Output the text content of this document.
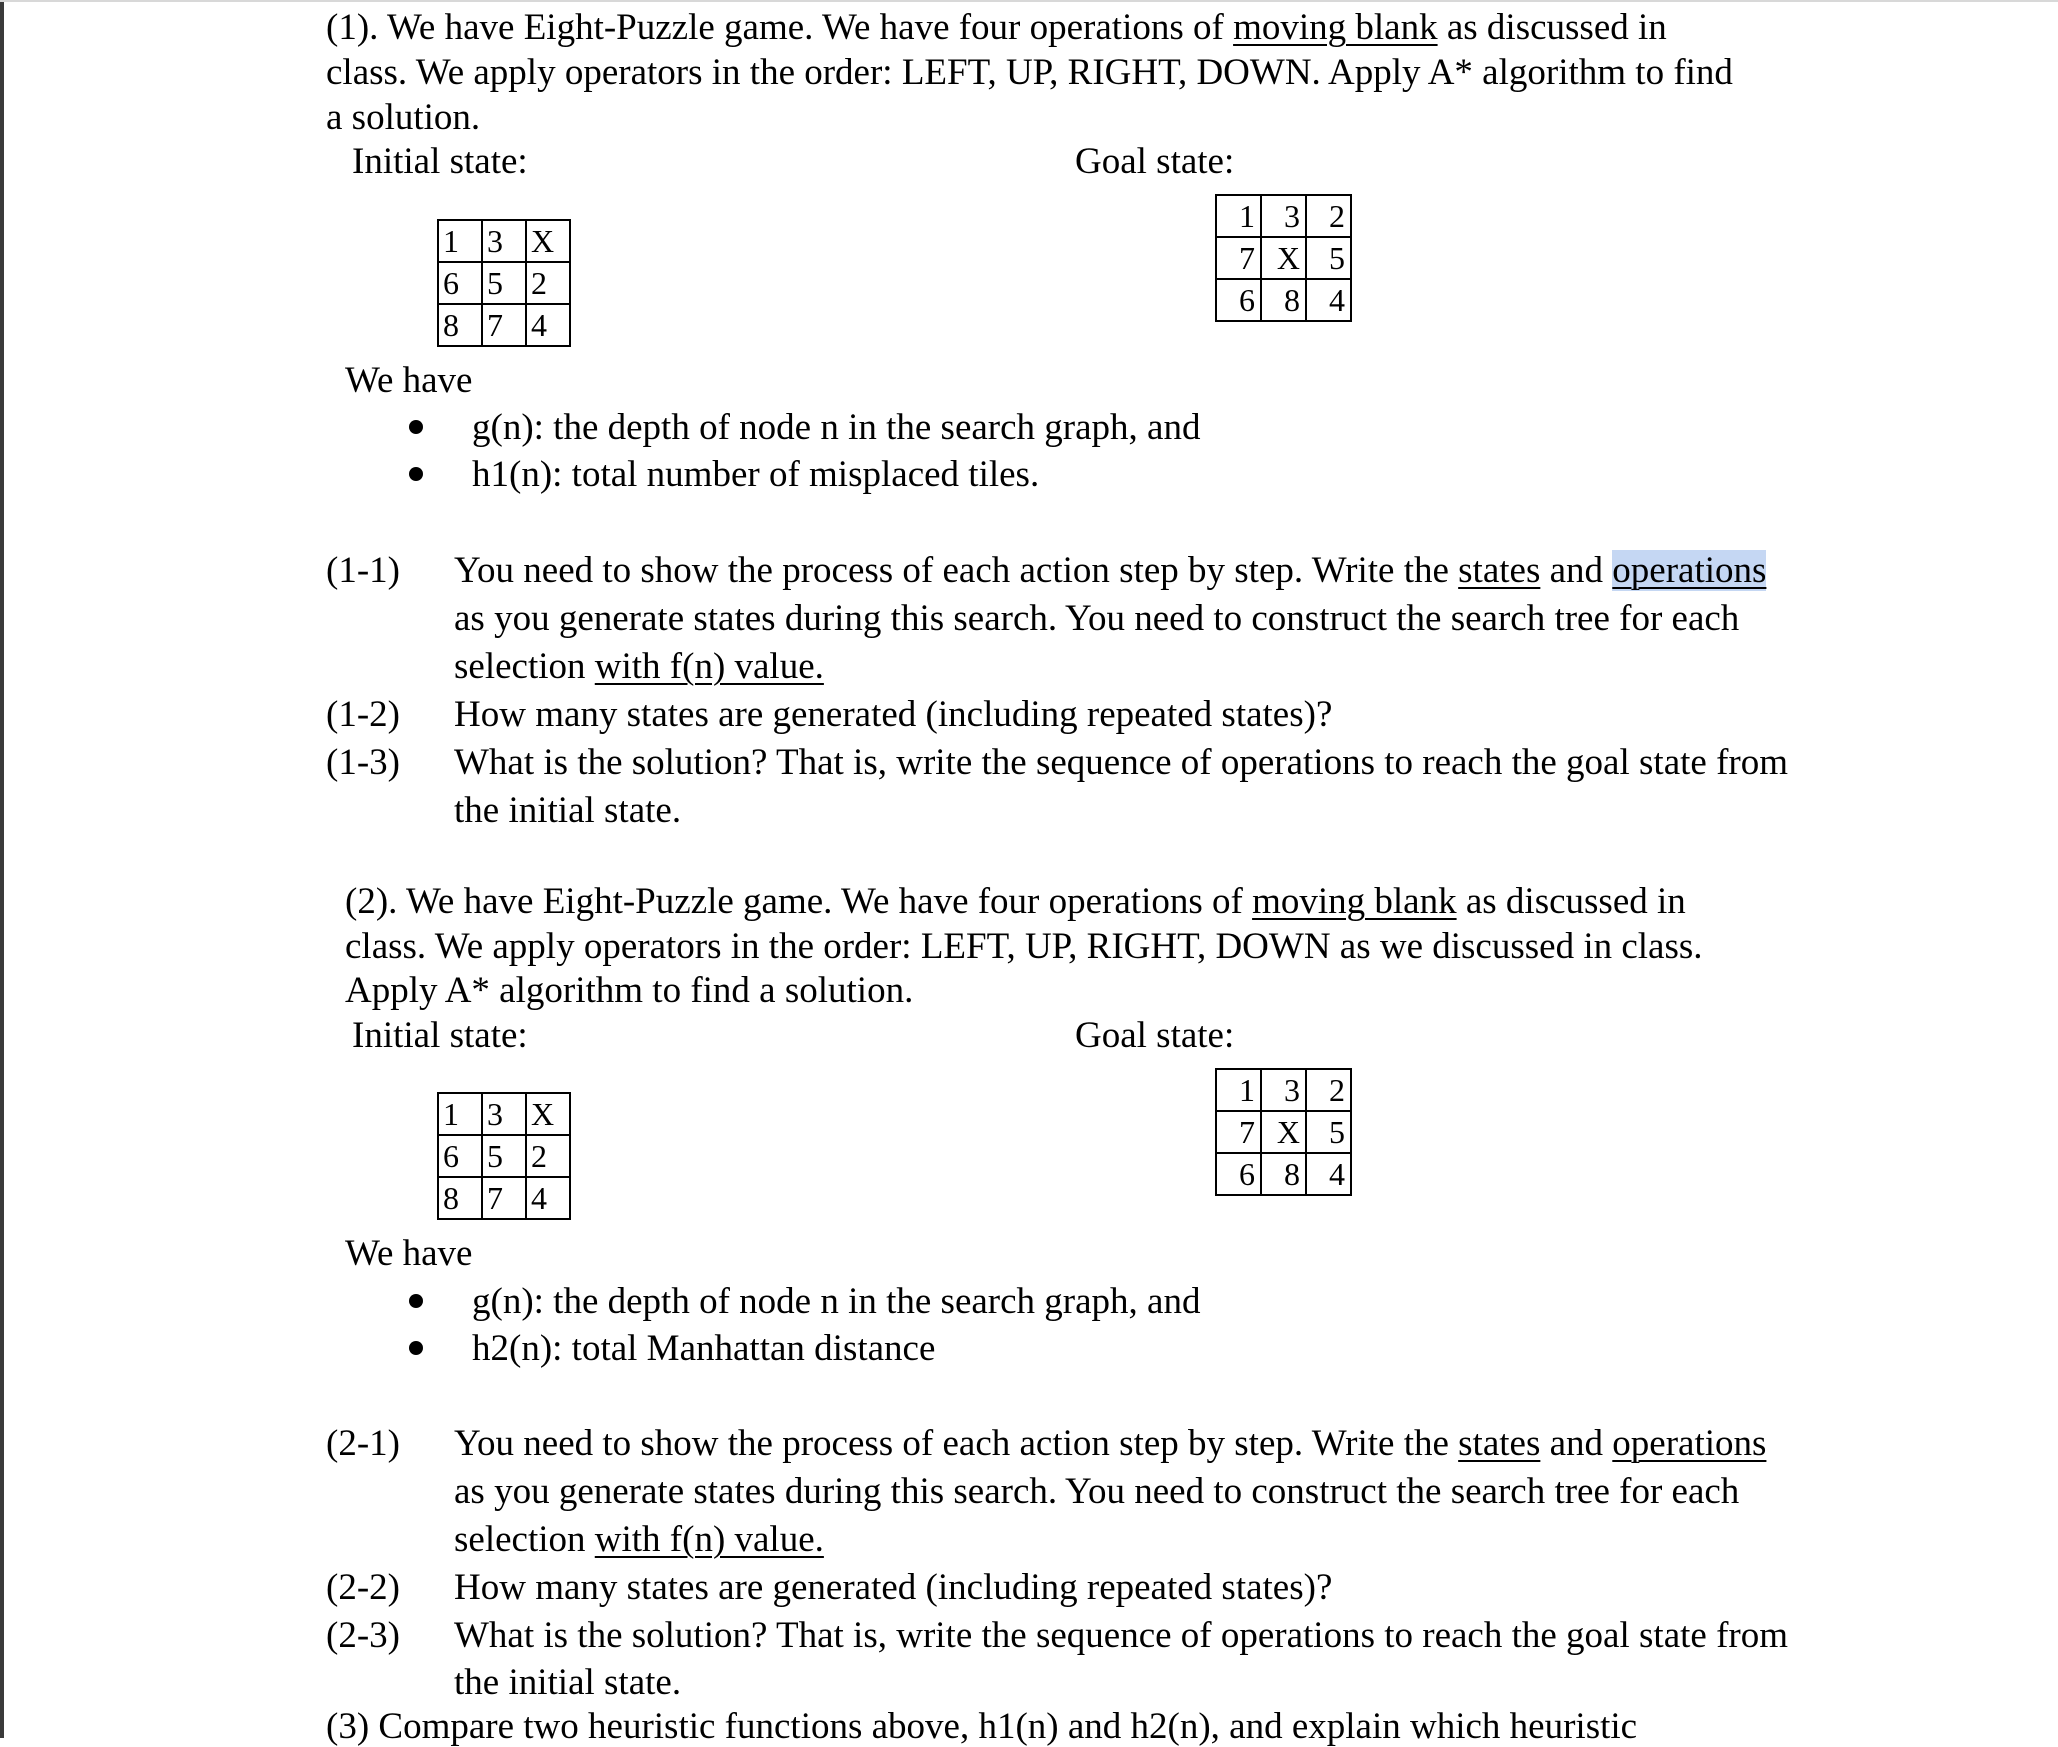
(1). We have Eight-Puzzle game. We have four operations of moving blank as discussed in
class. We apply operators in the order: LEFT, UP, RIGHT, DOWN. Apply A* algorithm to find
a solution.
Initial state:	Goal state:
1	3	X
6	5	2
8	7	4
1	3	2
7	X	5
6	8	4
We have
g(n): the depth of node n in the search graph, and
h1(n): total number of misplaced tiles.
(1-1) You need to show the process of each action step by step. Write the states and operations
as you generate states during this search. You need to construct the search tree for each
selection with f(n) value.
(1-2) How many states are generated (including repeated states)?
(1-3) What is the solution? That is, write the sequence of operations to reach the goal state from
the initial state.
(2). We have Eight-Puzzle game. We have four operations of moving blank as discussed in
class. We apply operators in the order: LEFT, UP, RIGHT, DOWN as we discussed in class.
Apply A* algorithm to find a solution.
Initial state:	Goal state:
1	3	X
6	5	2
8	7	4
1	3	2
7	X	5
6	8	4
We have
g(n): the depth of node n in the search graph, and
h2(n): total Manhattan distance
(2-1) You need to show the process of each action step by step. Write the states and operations
as you generate states during this search. You need to construct the search tree for each
selection with f(n) value.
(2-2) How many states are generated (including repeated states)?
(2-3) What is the solution? That is, write the sequence of operations to reach the goal state from
the initial state.
(3) Compare two heuristic functions above, h1(n) and h2(n), and explain which heuristic
